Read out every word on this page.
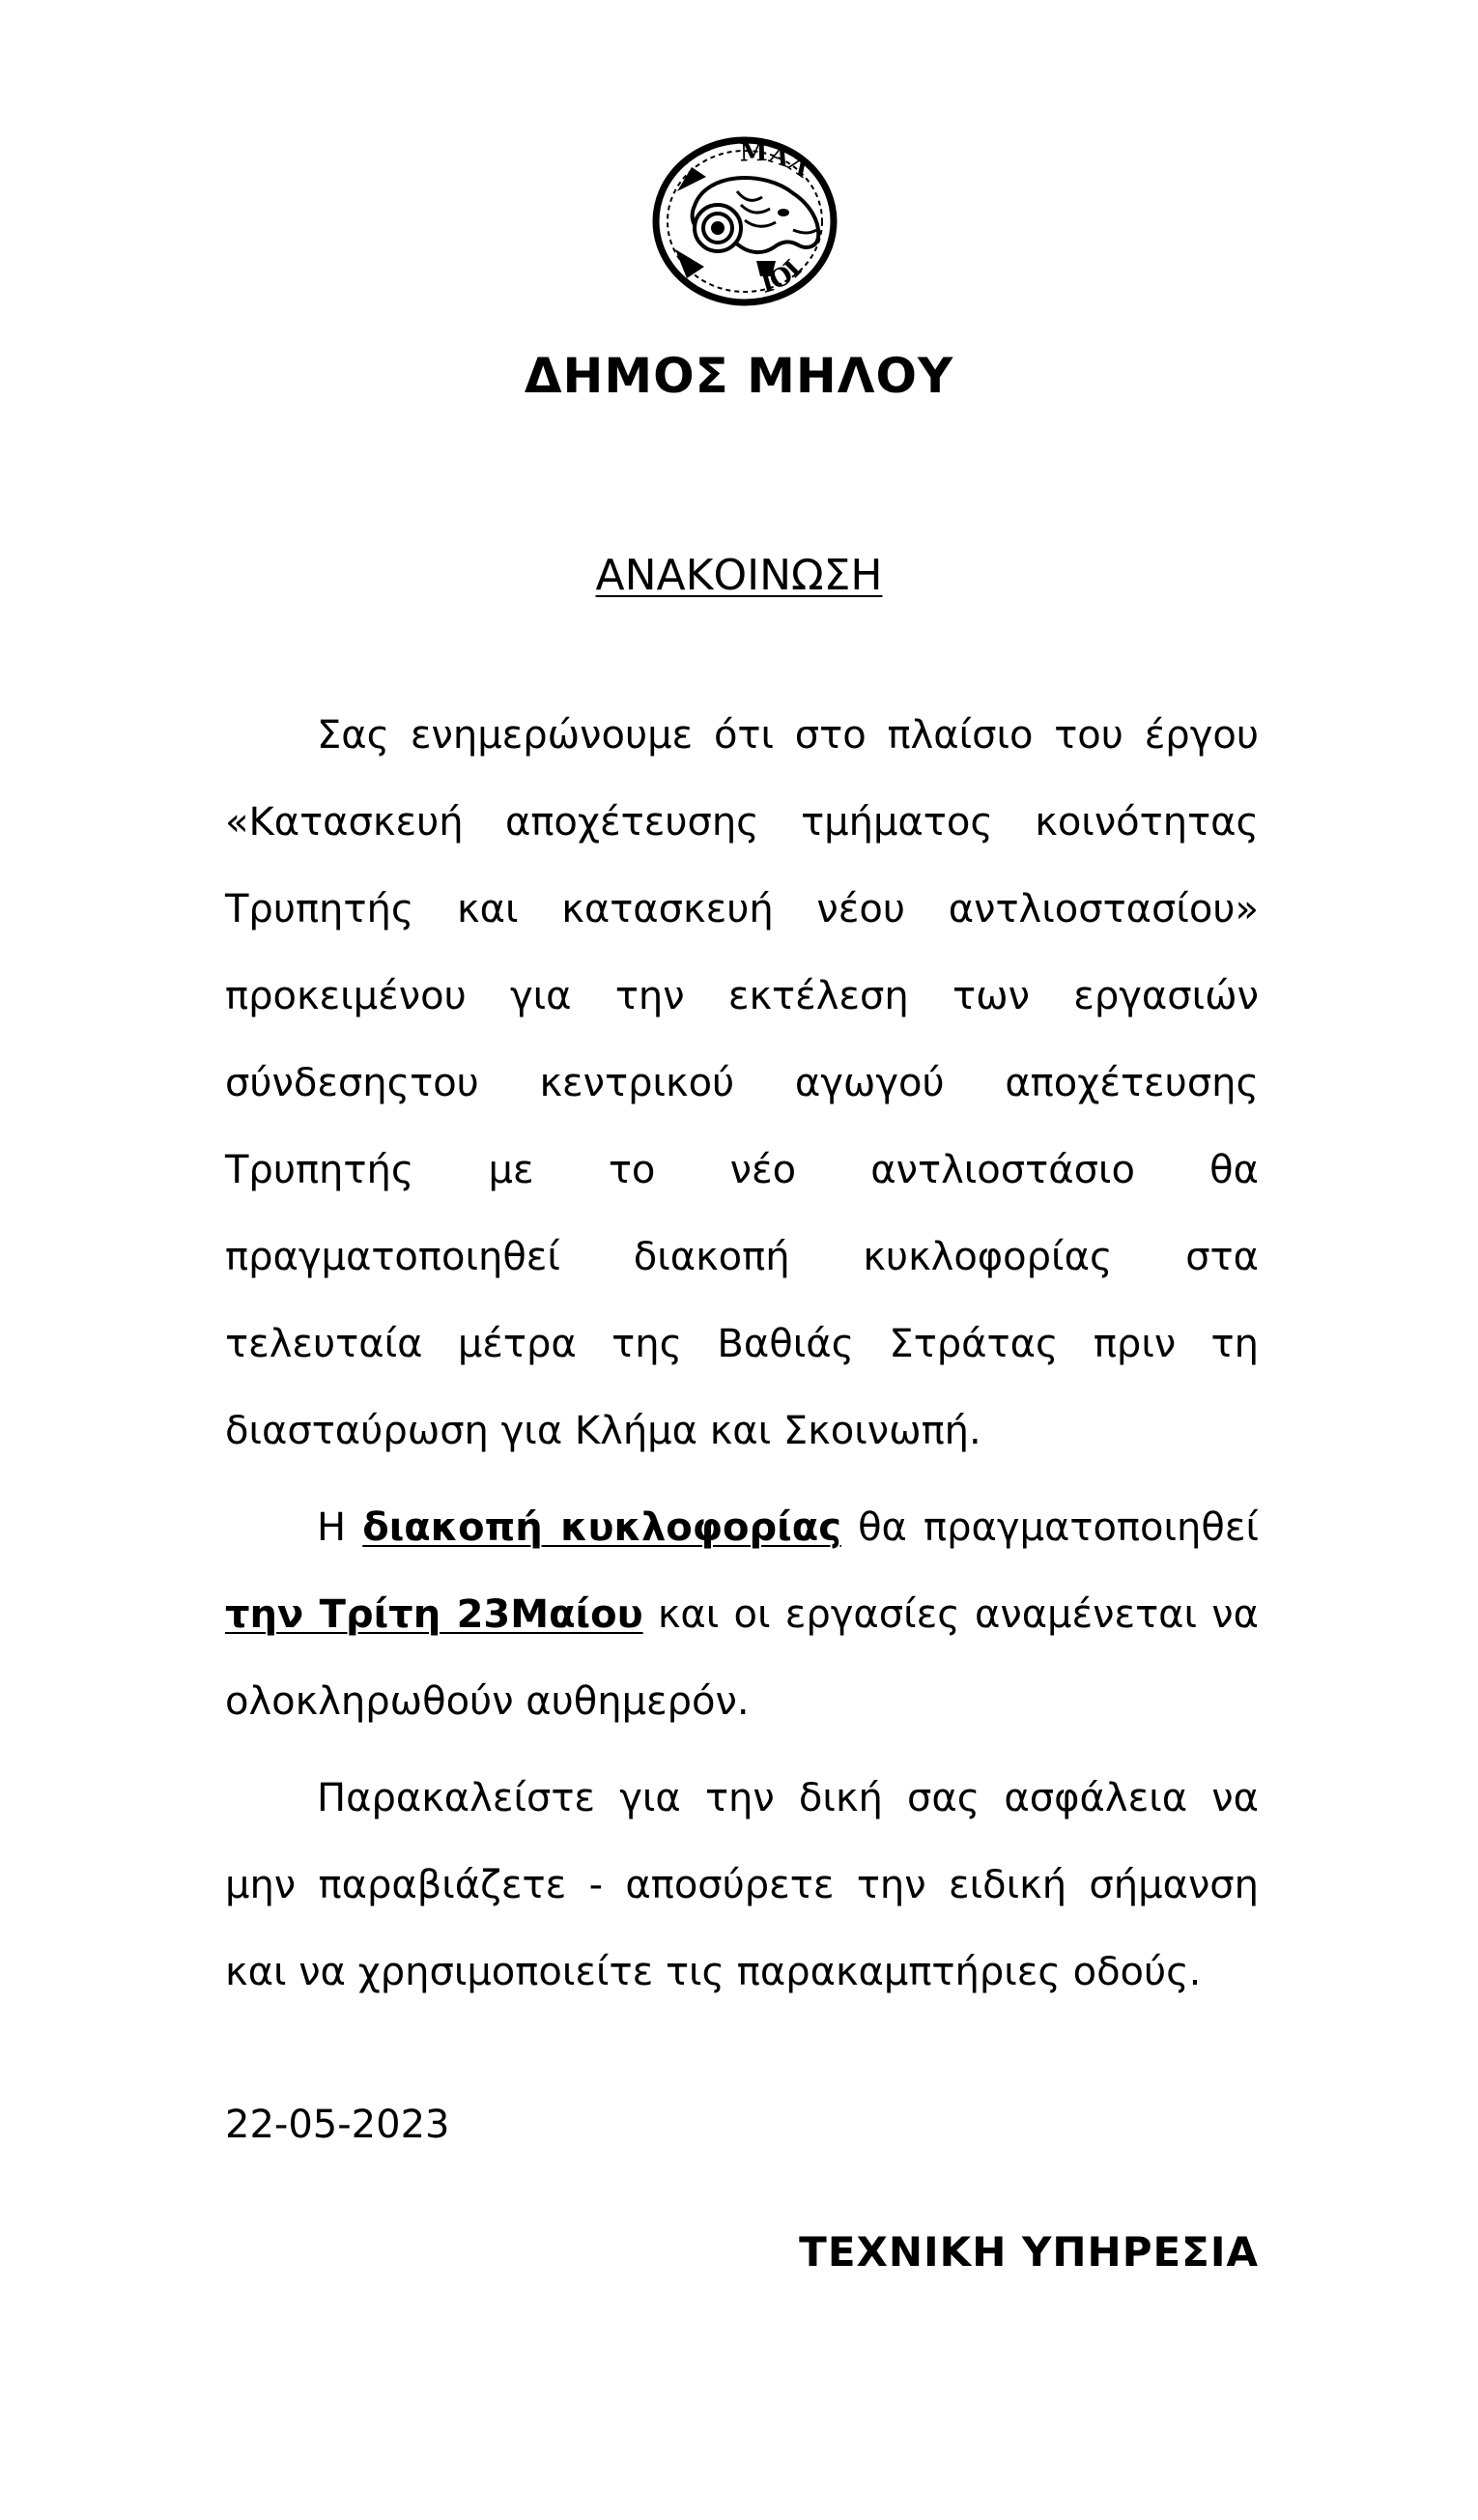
ΜΑΛ
ΙΟΙ
ΔΗΜΟΣ ΜΗΛΟΥ
ΑΝΑΚΟΙΝΩΣΗ

Σας ενημερώνουμε ότι στο πλαίσιο του έργου «Κατασκευή αποχέτευσης τμήματος κοινότητας Τρυπητής και κατασκευή νέου αντλιοστασίου» προκειμένου για την εκτέλεση των εργασιών σύνδεσηςτου κεντρικού αγωγού αποχέτευσης Τρυπητής με το νέο αντλιοστάσιο θα πραγματοποιηθεί διακοπή κυκλοφορίας στα τελευταία μέτρα της Βαθιάς Στράτας πριν τη διασταύρωση για Κλήμα και Σκοινωπή.

Η διακοπή κυκλοφορίας θα πραγματοποιηθεί την Τρίτη 23Μαίου και οι εργασίες αναμένεται να ολοκληρωθούν αυθημερόν.

Παρακαλείστε για την δική σας ασφάλεια να μην παραβιάζετε - αποσύρετε την ειδική σήμανση και να χρησιμοποιείτε τις παρακαμπτήριες οδούς.

22-05-2023
ΤΕΧΝΙΚΗ ΥΠΗΡΕΣΙΑ
